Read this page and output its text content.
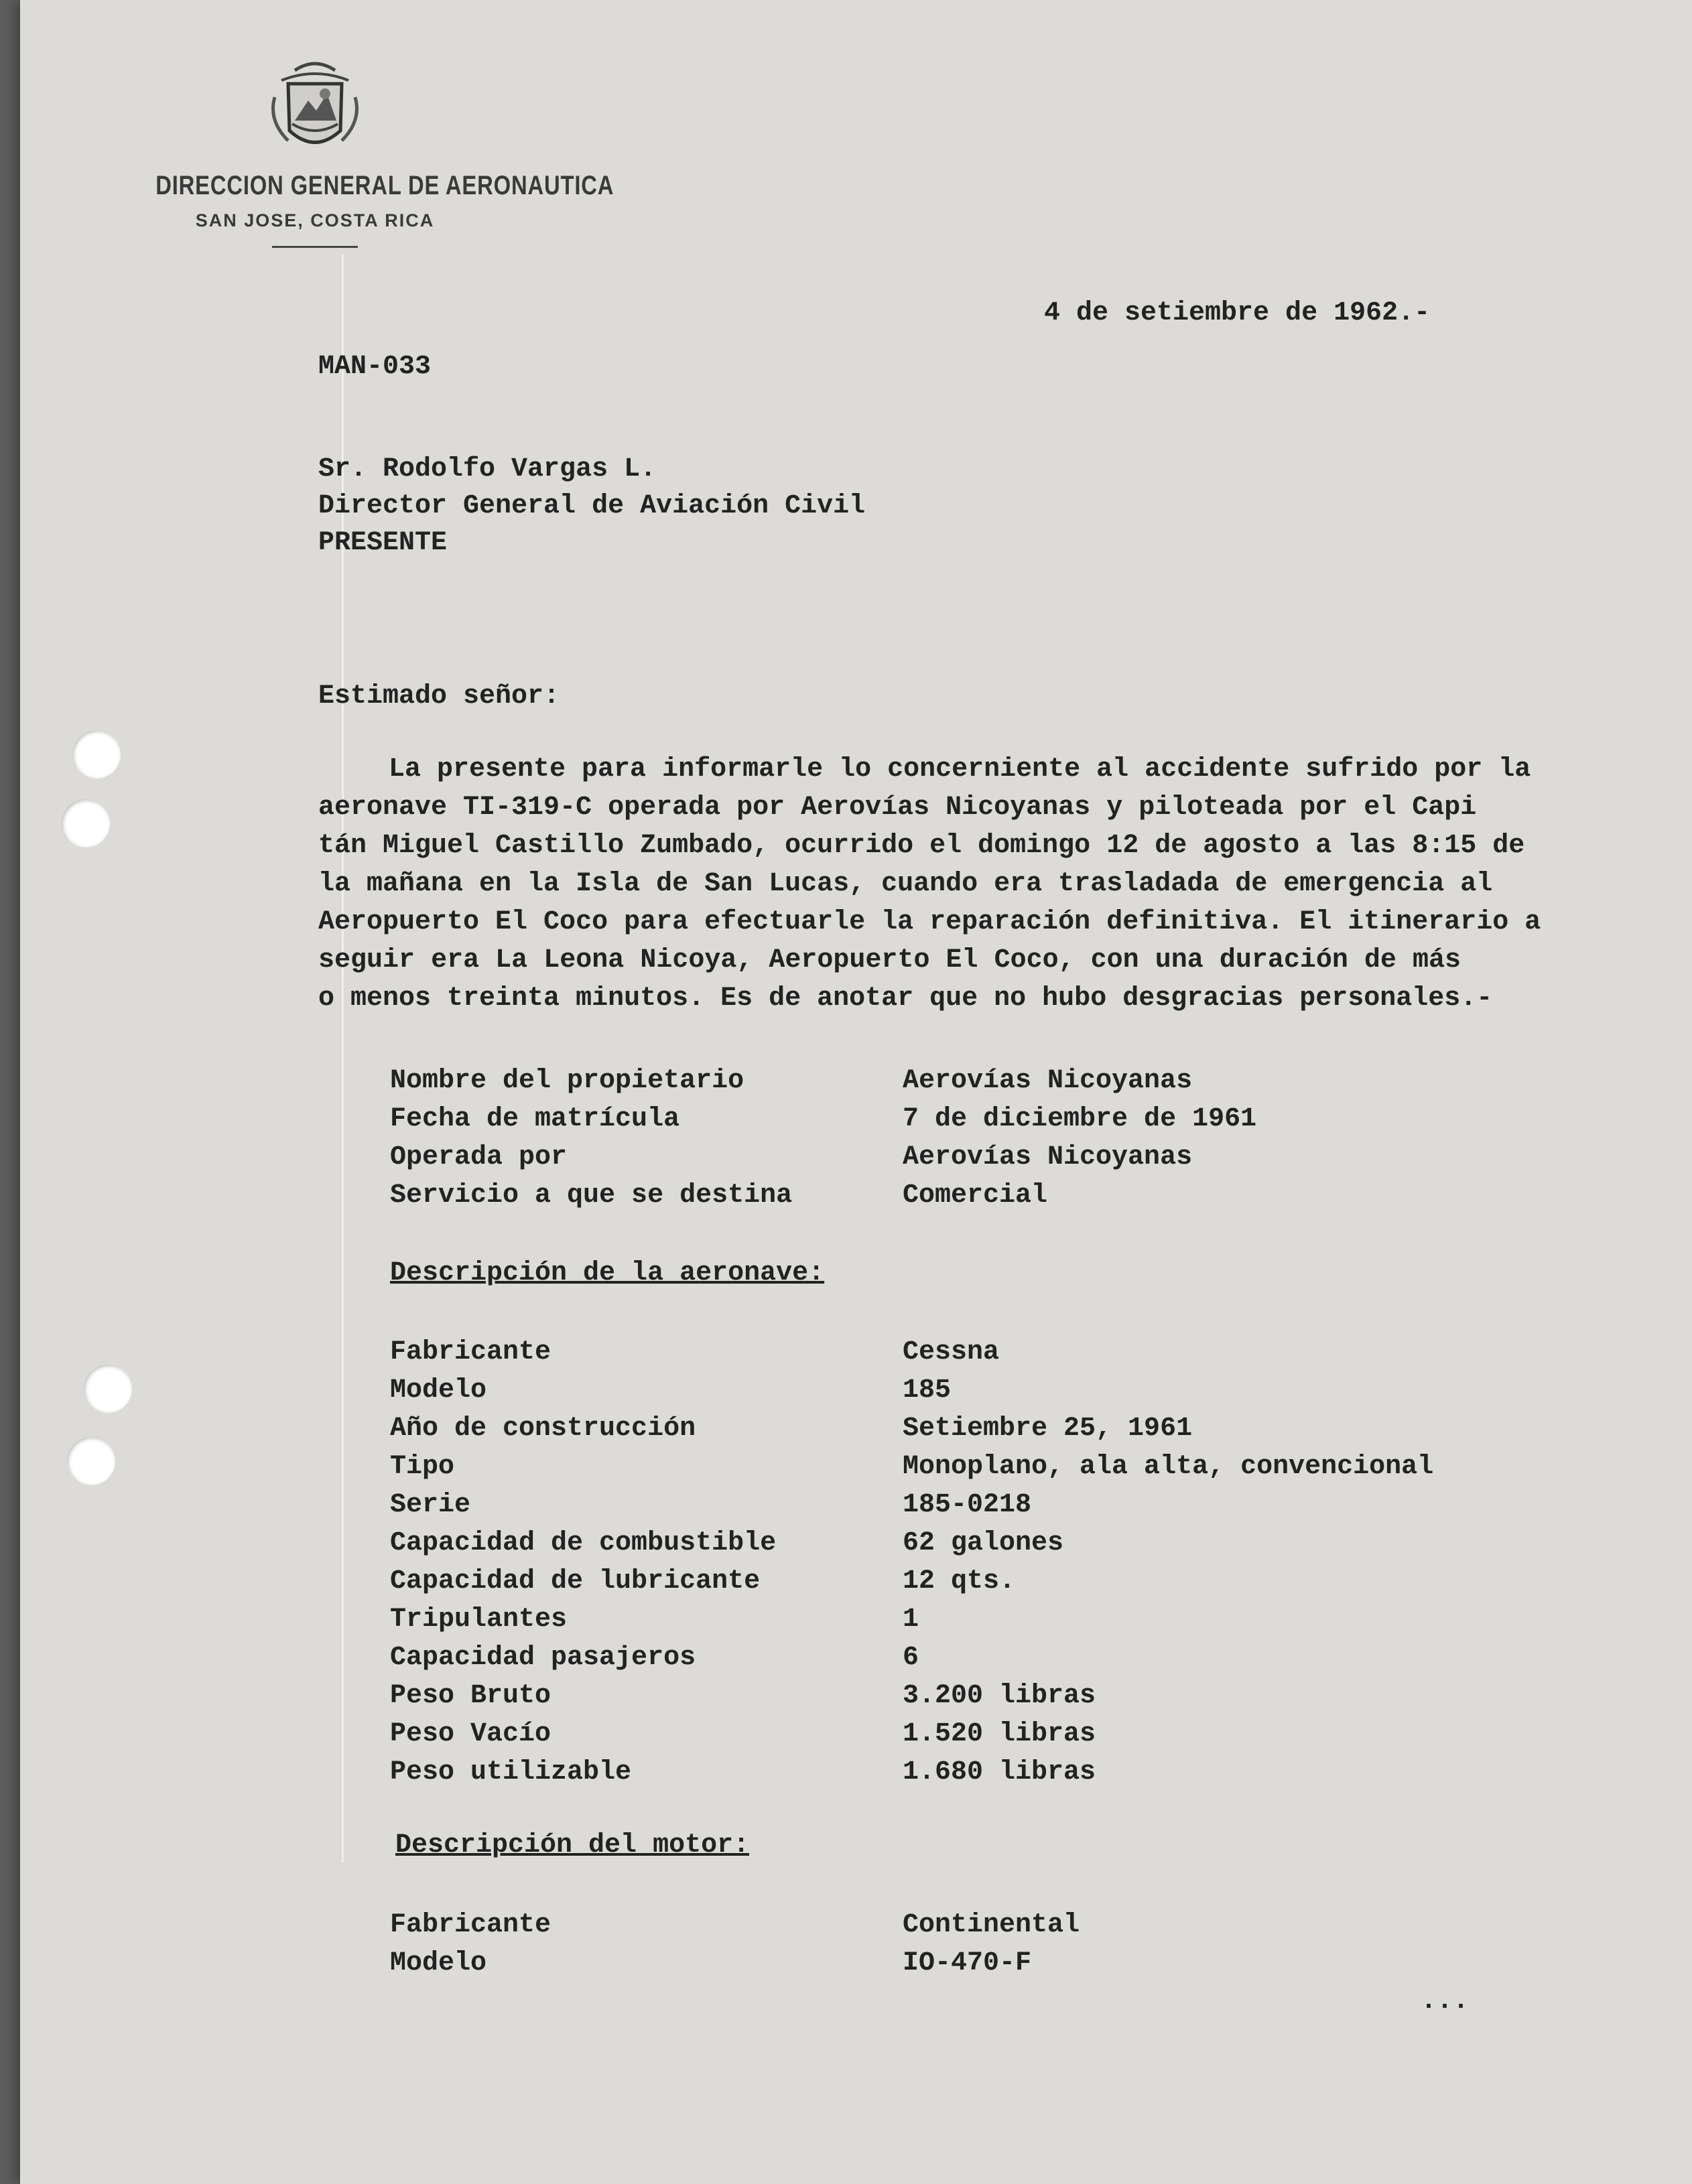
DIRECCION GENERAL DE AERONAUTICA
SAN JOSE, COSTA RICA
4 de setiembre de 1962.-
MAN-033
Sr. Rodolfo Vargas L.
Director General de Aviación Civil
PRESENTE
Estimado señor:
La presente para informarle lo concerniente al accidente sufrido por la
aeronave TI-319-C operada por Aerovías Nicoyanas y piloteada por el Capi
tán Miguel Castillo Zumbado, ocurrido el domingo 12 de agosto a las 8:15 de
la mañana en la Isla de San Lucas, cuando era trasladada de emergencia al
Aeropuerto El Coco para efectuarle la reparación definitiva. El itinerario a
seguir era La Leona Nicoya, Aeropuerto El Coco, con una duración de más
o menos treinta minutos. Es de anotar que no hubo desgracias personales.-
Nombre del propietario	Aerovías Nicoyanas
Fecha de matrícula	7 de diciembre de 1961
Operada por	Aerovías Nicoyanas
Servicio a que se destina	Comercial
Descripción de la aeronave:
Fabricante	Cessna
Modelo	185
Año de construcción	Setiembre 25, 1961
Tipo	Monoplano, ala alta, convencional
Serie	185-0218
Capacidad de combustible	62 galones
Capacidad de lubricante	12 qts.
Tripulantes	1
Capacidad pasajeros	6
Peso Bruto	3.200 libras
Peso Vacío	1.520 libras
Peso utilizable	1.680 libras
Descripción del motor:
Fabricante	Continental
Modelo	IO-470-F
...
